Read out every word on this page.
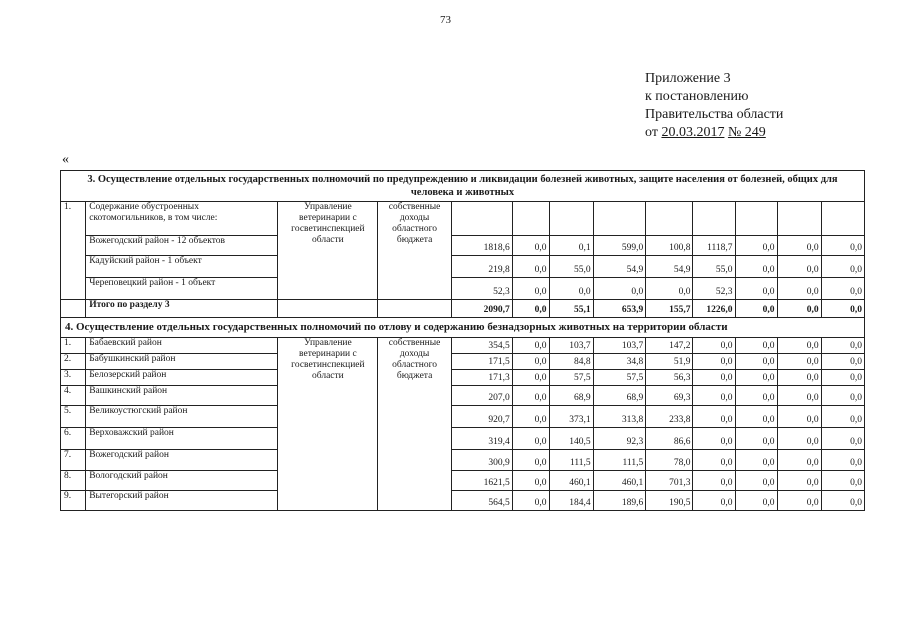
73
Приложение 3
к постановлению
Правительства области
от 20.03.2017 № 249
«
3. Осуществление отдельных государственных полномочий по предупреждению и ликвидации болезней животных, защите населения от болезней, общих для человека и животных												
1.	Содержание обустроенных скотомогильников, в том числе:	Управление ветеринарии с госветинспекцией области	собственные доходы областного бюджета									
	Вожегодский район - 12 объектов			1818,6	0,0	0,1	599,0	100,8	1118,7	0,0	0,0	0,0
	Кадуйский район - 1 объект			219,8	0,0	55,0	54,9	54,9	55,0	0,0	0,0	0,0
	Череповецкий район - 1 объект			52,3	0,0	0,0	0,0	0,0	52,3	0,0	0,0	0,0
	Итого по разделу 3			2090,7	0,0	55,1	653,9	155,7	1226,0	0,0	0,0	0,0
4. Осуществление отдельных государственных полномочий по отлову и содержанию безнадзорных животных на территории области												
1.	Бабаевский район	Управление ветеринарии с госветинспекцией области	собственные доходы областного бюджета	354,5	0,0	103,7	103,7	147,2	0,0	0,0	0,0	0,0
2.	Бабушкинский район			171,5	0,0	84,8	34,8	51,9	0,0	0,0	0,0	0,0
3.	Белозерский район			171,3	0,0	57,5	57,5	56,3	0,0	0,0	0,0	0,0
4.	Вашкинский район			207,0	0,0	68,9	68,9	69,3	0,0	0,0	0,0	0,0
5.	Великоустюгский район			920,7	0,0	373,1	313,8	233,8	0,0	0,0	0,0	0,0
6.	Верховажский район			319,4	0,0	140,5	92,3	86,6	0,0	0,0	0,0	0,0
7.	Вожегодский район			300,9	0,0	111,5	111,5	78,0	0,0	0,0	0,0	0,0
8.	Вологодский район			1621,5	0,0	460,1	460,1	701,3	0,0	0,0	0,0	0,0
9.	Вытегорский район			564,5	0,0	184,4	189,6	190,5	0,0	0,0	0,0	0,0
